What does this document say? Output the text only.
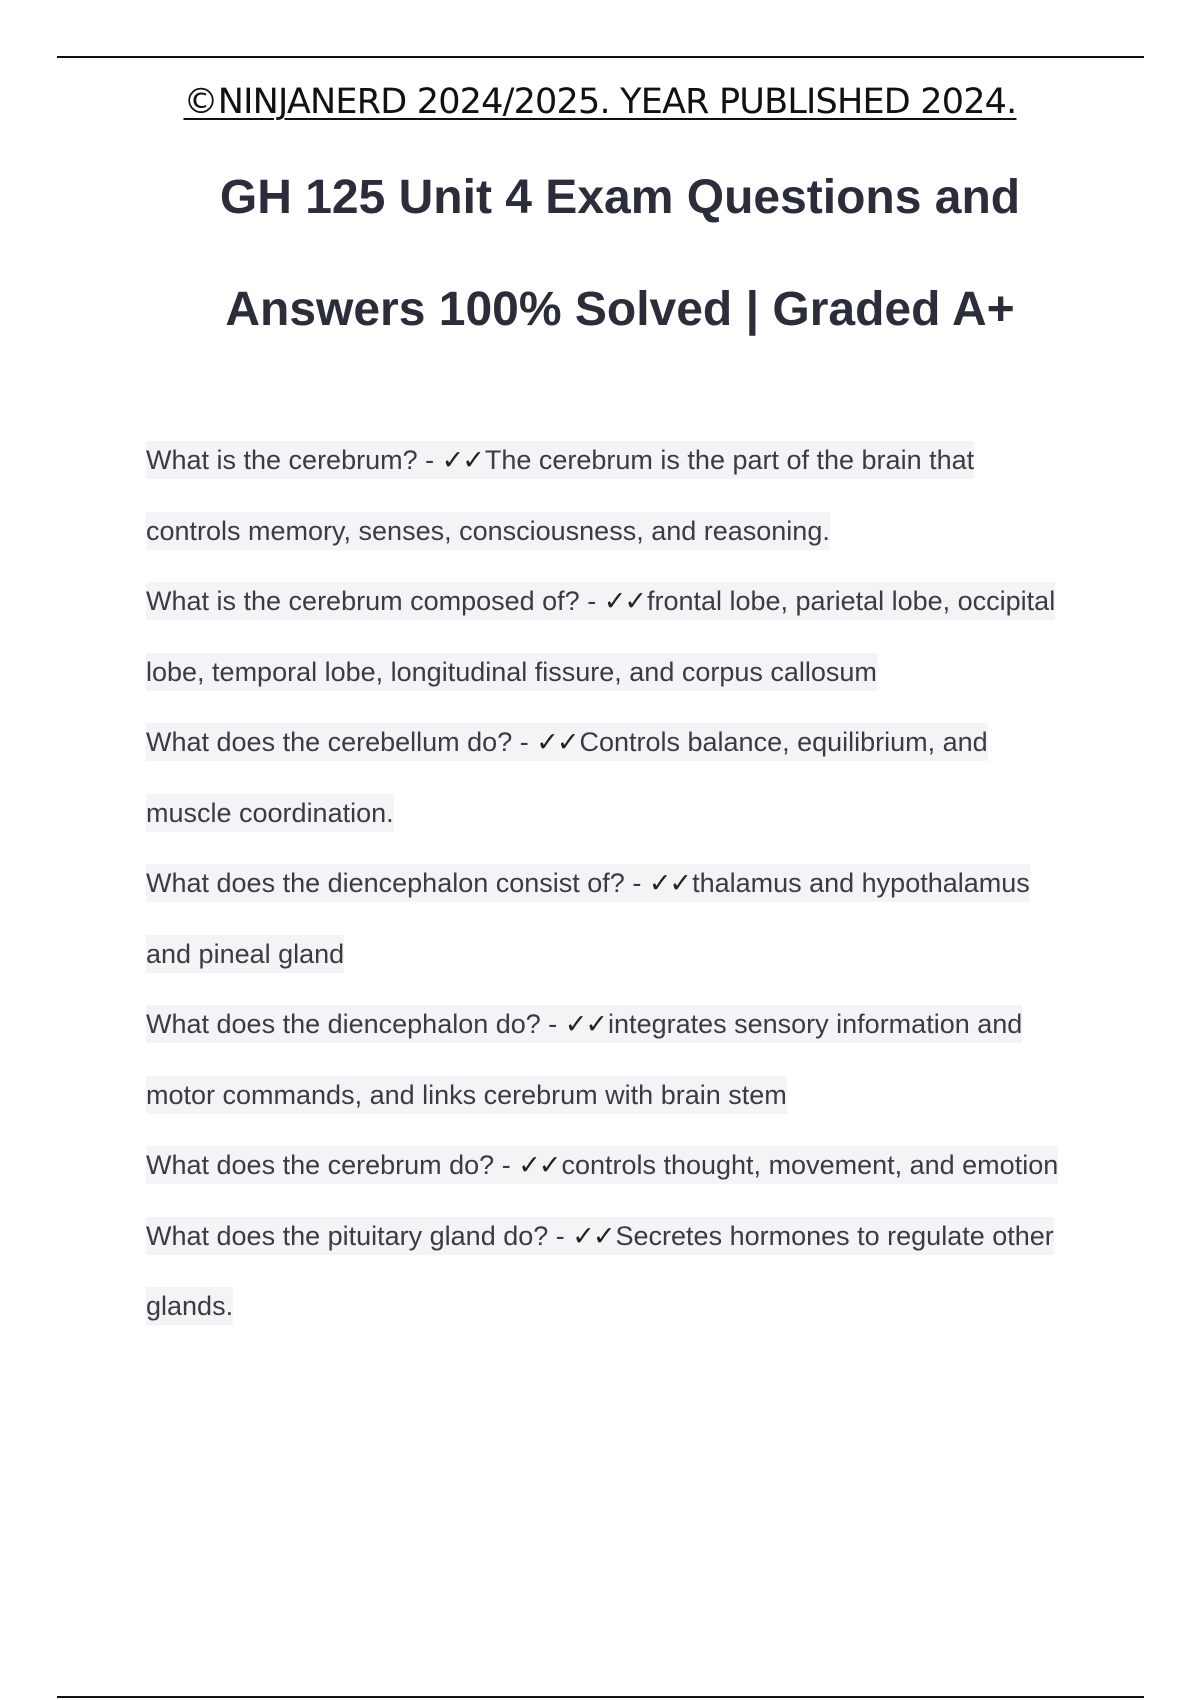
©NINJANERD 2024/2025. YEAR PUBLISHED 2024.
GH 125 Unit 4 Exam Questions and Answers 100% Solved | Graded A+
What is the cerebrum? - ✓✓The cerebrum is the part of the brain that controls memory, senses, consciousness, and reasoning.
What is the cerebrum composed of? - ✓✓frontal lobe, parietal lobe, occipital lobe, temporal lobe, longitudinal fissure, and corpus callosum
What does the cerebellum do? - ✓✓Controls balance, equilibrium, and muscle coordination.
What does the diencephalon consist of? - ✓✓thalamus and hypothalamus and pineal gland
What does the diencephalon do? - ✓✓integrates sensory information and motor commands, and links cerebrum with brain stem
What does the cerebrum do? - ✓✓controls thought, movement, and emotion
What does the pituitary gland do? - ✓✓Secretes hormones to regulate other glands.
